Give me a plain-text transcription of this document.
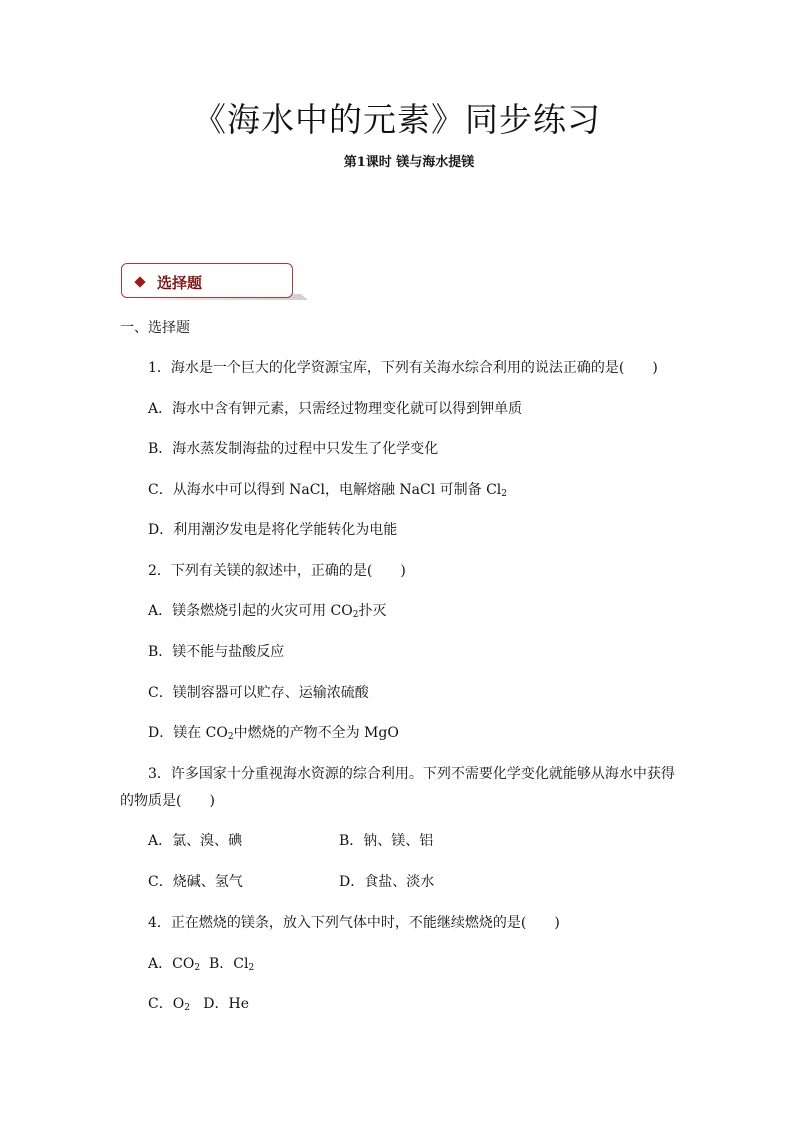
《海水中的元素》同步练习
第1课时 镁与海水提镁
选择题
一、选择题
1．海水是一个巨大的化学资源宝库，下列有关海水综合利用的说法正确的是(　　)
A．海水中含有钾元素，只需经过物理变化就可以得到钾单质
B．海水蒸发制海盐的过程中只发生了化学变化
C．从海水中可以得到 NaCl，电解熔融 NaCl 可制备 $Cl_2$
D．利用潮汐发电是将化学能转化为电能
2．下列有关镁的叙述中，正确的是(　　)
A．镁条燃烧引起的火灾可用 $CO_2$扑灭
B．镁不能与盐酸反应
C．镁制容器可以贮存、运输浓硫酸
D．镁在 $CO_2$中燃烧的产物不全为 MgO
3．许多国家十分重视海水资源的综合利用。下列不需要化学变化就能够从海水中获得
的物质是(　　)
A．氯、溴、碘	B．钠、镁、铝
C．烧碱、氢气	D．食盐、淡水
4．正在燃烧的镁条，放入下列气体中时，不能继续燃烧的是(　　)
A．$CO_2$ B．$Cl_2$
C．$O_2$ D．He
